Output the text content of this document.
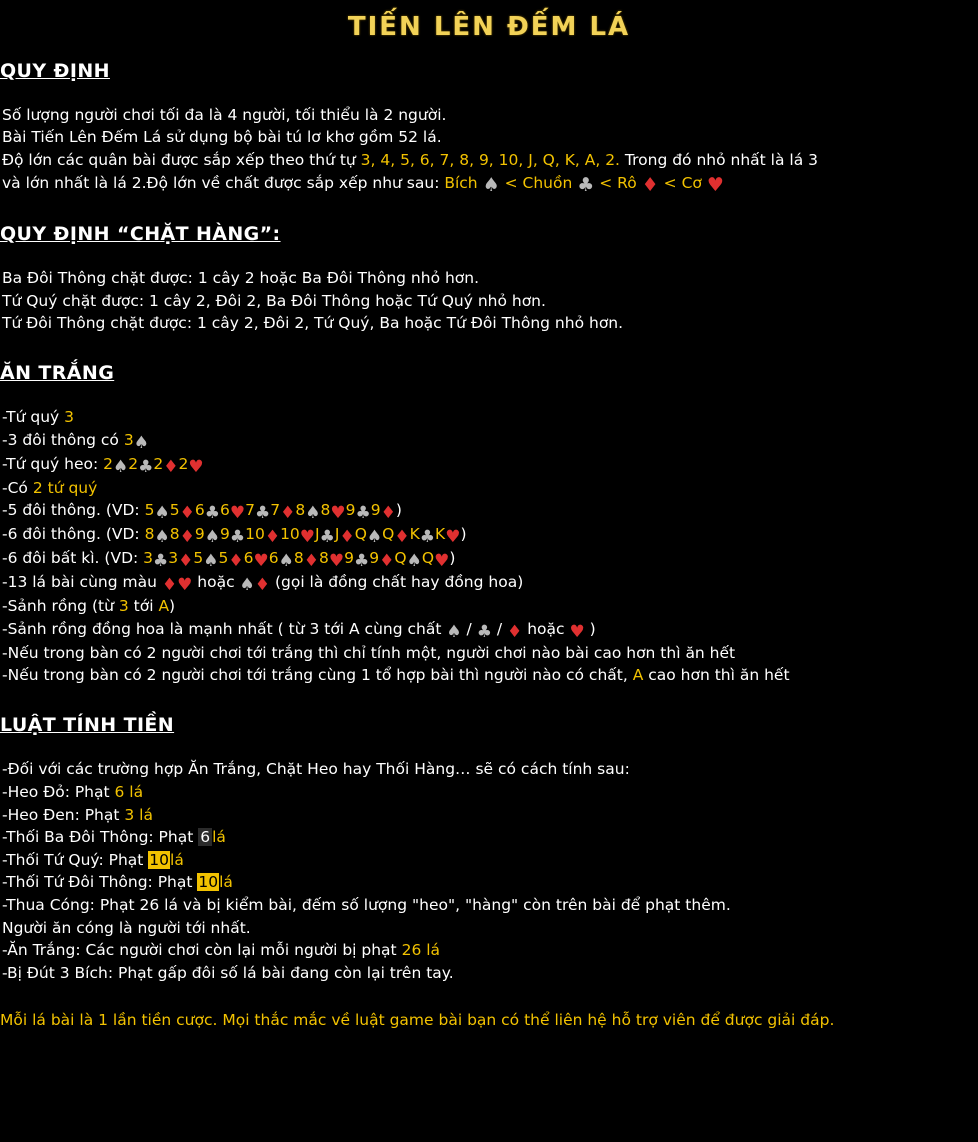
TIẾN LÊN ĐẾM LÁ
QUY ĐỊNH
Số lượng người chơi tối đa là 4 người, tối thiểu là 2 người.
Bài Tiến Lên Đếm Lá sử dụng bộ bài tú lơ khơ gồm 52 lá.
Độ lớn các quân bài được sắp xếp theo thứ tự 3, 4, 5, 6, 7, 8, 9, 10, J, Q, K, A, 2. Trong đó nhỏ nhất là lá 3
và lớn nhất là lá 2.Độ lớn về chất được sắp xếp như sau: Bích ♠ < Chuồn ♣ < Rô ♦ < Cơ ♥
QUY ĐỊNH “CHẶT HÀNG”:
Ba Đôi Thông chặt được: 1 cây 2 hoặc Ba Đôi Thông nhỏ hơn.
Tứ Quý chặt được: 1 cây 2, Đôi 2, Ba Đôi Thông hoặc Tứ Quý nhỏ hơn.
Tứ Đôi Thông chặt được: 1 cây 2, Đôi 2, Tứ Quý, Ba hoặc Tứ Đôi Thông nhỏ hơn.
ĂN TRẮNG
-Tứ quý 3
-3 đôi thông có 3♠
-Tứ quý heo: 2♠2♣2♦2♥
-Có 2 tứ quý
-5 đôi thông. (VD: 5♠5♦6♣6♥7♣7♦8♠8♥9♣9♦)
-6 đôi thông. (VD: 8♠8♦9♠9♣10♦10♥J♣J♦Q♠Q♦K♣K♥)
-6 đôi bất kì. (VD: 3♣3♦5♠5♦6♥6♠8♦8♥9♣9♦Q♠Q♥)
-13 lá bài cùng màu ♦♥ hoặc ♠♦ (gọi là đồng chất hay đồng hoa)
-Sảnh rồng (từ 3 tới A)
-Sảnh rồng đồng hoa là mạnh nhất ( từ 3 tới A cùng chất ♠ / ♣ / ♦ hoặc ♥ )
-Nếu trong bàn có 2 người chơi tới trắng thì chỉ tính một, người chơi nào bài cao hơn thì ăn hết
-Nếu trong bàn có 2 người chơi tới trắng cùng 1 tổ hợp bài thì người nào có chất, A cao hơn thì ăn hết
LUẬT TÍNH TIỀN
-Đối với các trường hợp Ăn Trắng, Chặt Heo hay Thối Hàng… sẽ có cách tính sau:
-Heo Đỏ: Phạt 6 lá
-Heo Đen: Phạt 3 lá
-Thối Ba Đôi Thông: Phạt 6 lá
-Thối Tứ Quý: Phạt 10lá
-Thối Tứ Đôi Thông: Phạt 10lá
-Thua Cóng: Phạt 26 lá và bị kiểm bài, đếm số lượng "heo", "hàng" còn trên bài để phạt thêm.
Người ăn cóng là người tới nhất.
-Ăn Trắng: Các người chơi còn lại mỗi người bị phạt 26 lá
-Bị Đút 3 Bích: Phạt gấp đôi số lá bài đang còn lại trên tay.
Mỗi lá bài là 1 lần tiền cược. Mọi thắc mắc về luật game bài bạn có thể liên hệ hỗ trợ viên để được giải đáp.
